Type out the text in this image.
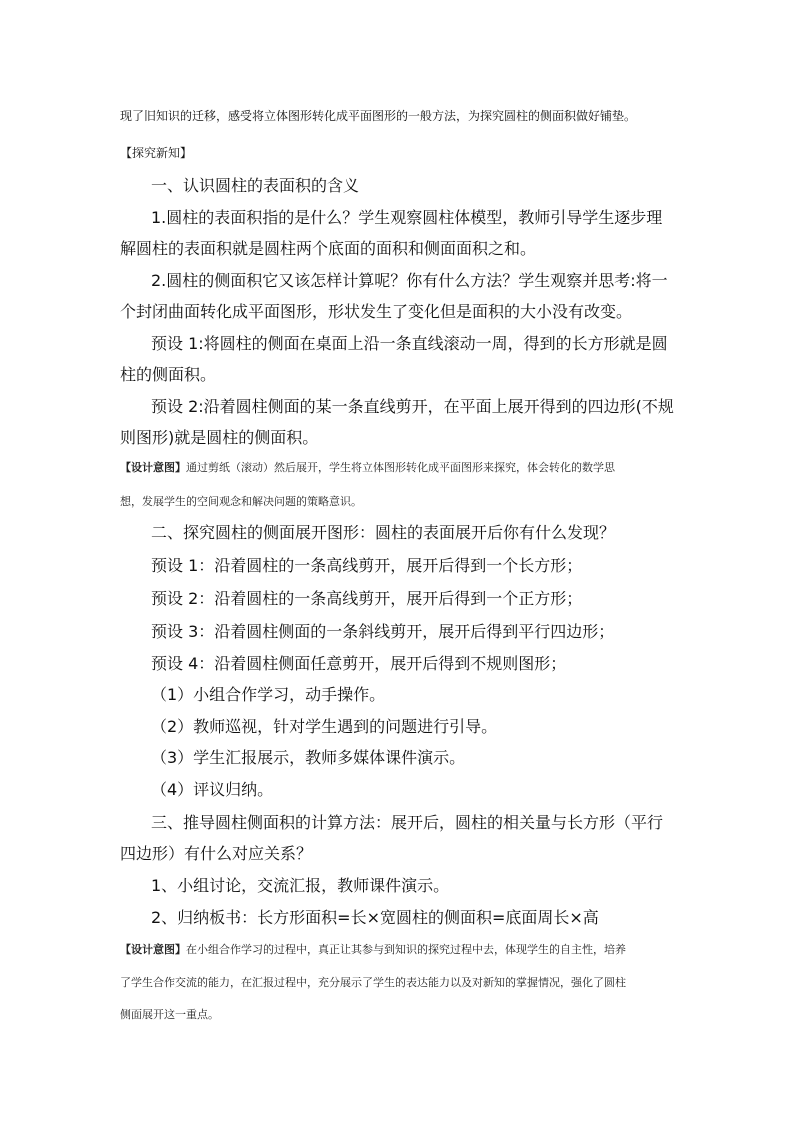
现了旧知识的迁移，感受将立体图形转化成平面图形的一般方法，为探究圆柱的侧面积做好铺垫。
【探究新知】
一、认识圆柱的表面积的含义
1.圆柱的表面积指的是什么？学生观察圆柱体模型，教师引导学生逐步理
解圆柱的表面积就是圆柱两个底面的面积和侧面面积之和。
2.圆柱的侧面积它又该怎样计算呢？你有什么方法？学生观察并思考:将一
个封闭曲面转化成平面图形，形状发生了变化但是面积的大小没有改变。
预设 1:将圆柱的侧面在桌面上沿一条直线滚动一周，得到的长方形就是圆
柱的侧面积。
预设 2:沿着圆柱侧面的某一条直线剪开，在平面上展开得到的四边形(不规
则图形)就是圆柱的侧面积。
【设计意图】通过剪纸（滚动）然后展开，学生将立体图形转化成平面图形来探究，体会转化的数学思
想，发展学生的空间观念和解决问题的策略意识。
二、探究圆柱的侧面展开图形：圆柱的表面展开后你有什么发现？
预设 1：沿着圆柱的一条高线剪开，展开后得到一个长方形；
预设 2：沿着圆柱的一条高线剪开，展开后得到一个正方形；
预设 3：沿着圆柱侧面的一条斜线剪开，展开后得到平行四边形；
预设 4：沿着圆柱侧面任意剪开，展开后得到不规则图形；
（1）小组合作学习，动手操作。
（2）教师巡视，针对学生遇到的问题进行引导。
（3）学生汇报展示，教师多媒体课件演示。
（4）评议归纳。
三、推导圆柱侧面积的计算方法：展开后，圆柱的相关量与长方形（平行
四边形）有什么对应关系？
1、小组讨论，交流汇报，教师课件演示。
2、归纳板书：长方形面积=长×宽圆柱的侧面积=底面周长×高
【设计意图】在小组合作学习的过程中，真正让其参与到知识的探究过程中去，体现学生的自主性，培养
了学生合作交流的能力，在汇报过程中，充分展示了学生的表达能力以及对新知的掌握情况，强化了圆柱
侧面展开这一重点。
